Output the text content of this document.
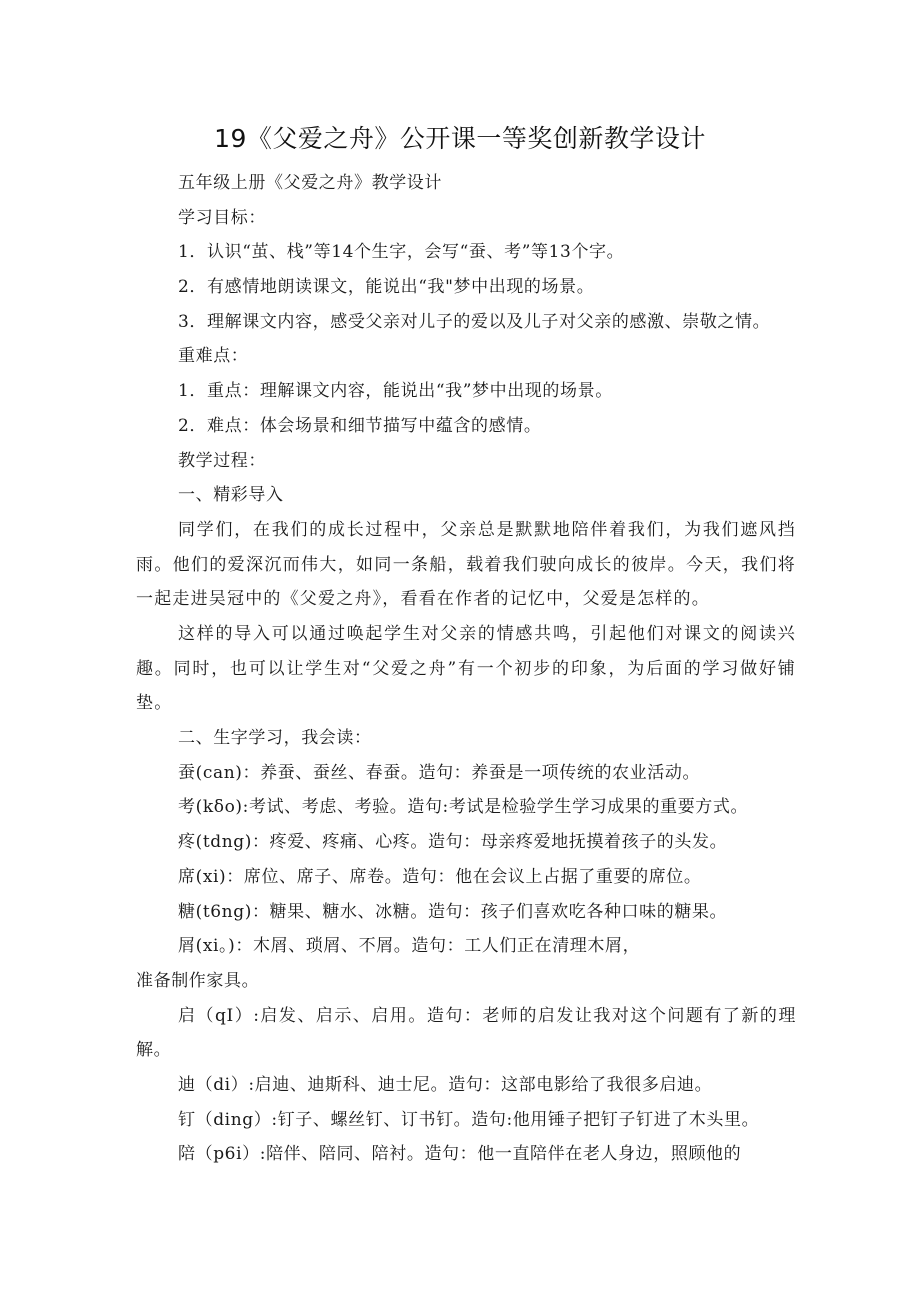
19《父爱之舟》公开课一等奖创新教学设计
五年级上册《父爱之舟》教学设计
学习目标：
1．认识“茧、栈”等14个生字，会写“蚕、考”等13个字。
2．有感情地朗读课文，能说出“我"梦中出现的场景。
3．理解课文内容，感受父亲对儿子的爱以及儿子对父亲的感激、崇敬之情。
重难点：
1．重点：理解课文内容，能说出“我”梦中出现的场景。
2．难点：体会场景和细节描写中蕴含的感情。
教学过程：
一、精彩导入
同学们，在我们的成长过程中，父亲总是默默地陪伴着我们，为我们遮风挡雨。他们的爱深沉而伟大，如同一条船，载着我们驶向成长的彼岸。今天，我们将一起走进吴冠中的《父爱之舟》，看看在作者的记忆中，父爱是怎样的。
这样的导入可以通过唤起学生对父亲的情感共鸣，引起他们对课文的阅读兴趣。同时，也可以让学生对“父爱之舟”有一个初步的印象，为后面的学习做好铺垫。
二、生字学习，我会读：
蚕(can)：养蚕、蚕丝、春蚕。造句：养蚕是一项传统的农业活动。
考(kδo):考试、考虑、考验。造句:考试是检验学生学习成果的重要方式。
疼(tdng)：疼爱、疼痛、心疼。造句：母亲疼爱地抚摸着孩子的头发。
席(xi)：席位、席子、席卷。造句：他在会议上占据了重要的席位。
糖(t6ng)：糖果、糖水、冰糖。造句：孩子们喜欢吃各种口味的糖果。
屑(xi。)：木屑、琐屑、不屑。造句：工人们正在清理木屑，
准备制作家具。
启（qI）:启发、启示、启用。造句：老师的启发让我对这个问题有了新的理解。
迪（di）:启迪、迪斯科、迪士尼。造句：这部电影给了我很多启迪。
钉（ding）:钉子、螺丝钉、订书钉。造句:他用锤子把钉子钉进了木头里。
陪（p6i）:陪伴、陪同、陪衬。造句：他一直陪伴在老人身边，照顾他的
